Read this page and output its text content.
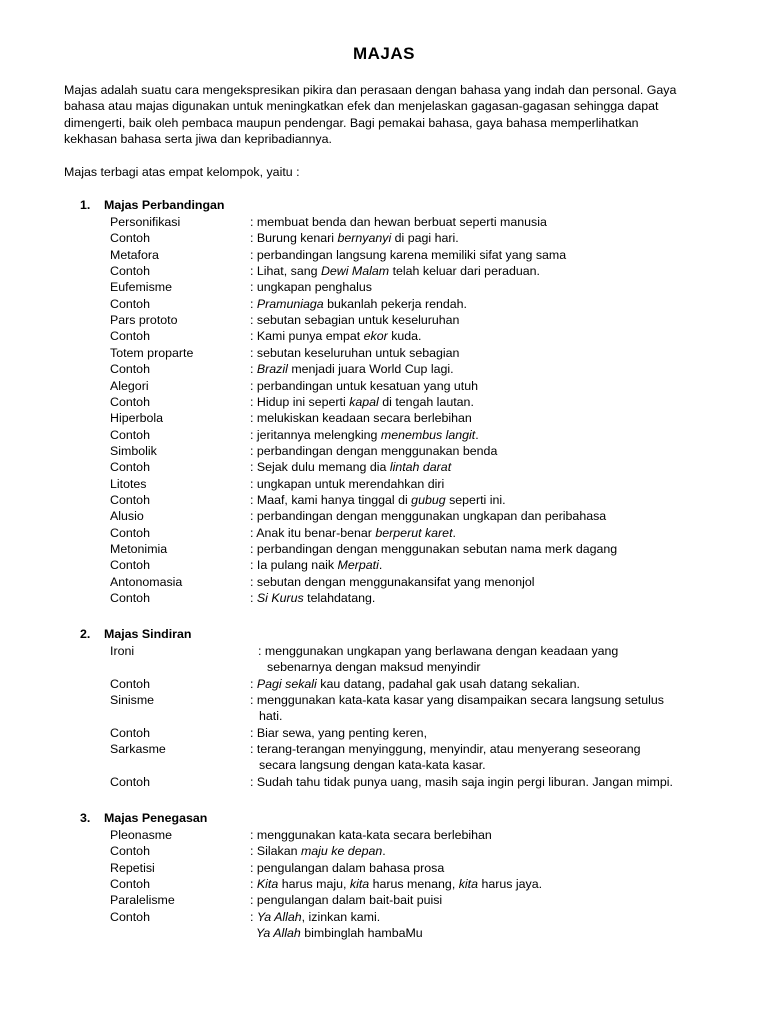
MAJAS
Majas adalah suatu cara mengekspresikan pikira dan perasaan dengan bahasa yang indah dan personal. Gaya
bahasa atau majas digunakan untuk meningkatkan efek dan menjelaskan gagasan-gagasan sehingga dapat
dimengerti, baik oleh pembaca maupun pendengar. Bagi pemakai bahasa, gaya bahasa memperlihatkan
kekhasan bahasa serta jiwa dan kepribadiannya.
Majas terbagi atas empat kelompok, yaitu :
1. Majas Perbandingan
Personifikasi	: membuat benda dan hewan berbuat seperti manusia
Contoh	: Burung kenari bernyanyi di pagi hari.
Metafora	: perbandingan langsung karena memiliki sifat yang sama
Contoh	: Lihat, sang Dewi Malam telah keluar dari peraduan.
Eufemisme	: ungkapan penghalus
Contoh	: Pramuniaga bukanlah pekerja rendah.
Pars prototo	: sebutan sebagian untuk keseluruhan
Contoh	: Kami punya empat ekor kuda.
Totem proparte	: sebutan keseluruhan untuk sebagian
Contoh	: Brazil menjadi juara World Cup lagi.
Alegori	: perbandingan untuk kesatuan yang utuh
Contoh	: Hidup ini seperti kapal di tengah lautan.
Hiperbola	: melukiskan keadaan secara berlebihan
Contoh	: jeritannya melengking menembus langit.
Simbolik	: perbandingan dengan menggunakan benda
Contoh	: Sejak dulu memang dia lintah darat
Litotes	: ungkapan untuk merendahkan diri
Contoh	: Maaf, kami hanya tinggal di gubug seperti ini.
Alusio	: perbandingan dengan menggunakan ungkapan dan peribahasa
Contoh	: Anak itu benar-benar berperut karet.
Metonimia	: perbandingan dengan menggunakan sebutan nama merk dagang
Contoh	: Ia pulang naik Merpati.
Antonomasia	: sebutan dengan menggunakansifat yang menonjol
Contoh	: Si Kurus telahdatang.
2. Majas Sindiran
Ironi	: menggunakan ungkapan yang berlawana dengan keadaan yang
sebenarnya dengan maksud menyindir
Contoh	: Pagi sekali kau datang, padahal gak usah datang sekalian.
Sinisme	: menggunakan kata-kata kasar yang disampaikan secara langsung setulus
hati.
Contoh	: Biar sewa, yang penting keren,
Sarkasme	: terang-terangan menyinggung, menyindir, atau menyerang seseorang
secara langsung dengan kata-kata kasar.
Contoh	: Sudah tahu tidak punya uang, masih saja ingin pergi liburan. Jangan mimpi.
3. Majas Penegasan
Pleonasme	: menggunakan kata-kata secara berlebihan
Contoh	: Silakan maju ke depan.
Repetisi	: pengulangan dalam bahasa prosa
Contoh	: Kita harus maju, kita harus menang, kita harus jaya.
Paralelisme	: pengulangan dalam bait-bait puisi
Contoh	: Ya Allah, izinkan kami.
Ya Allah bimbinglah hambaMu
